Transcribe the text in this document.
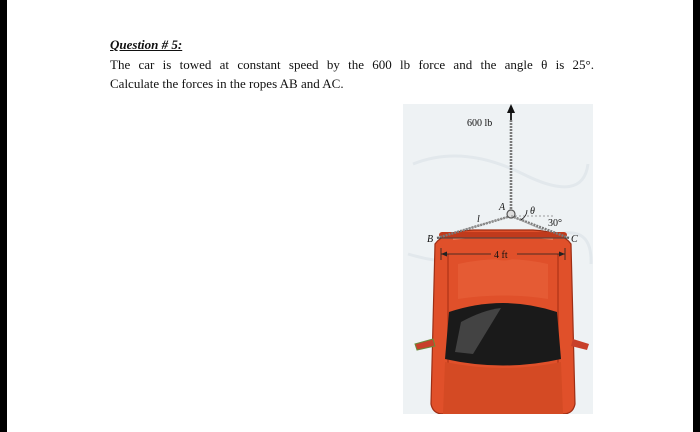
Question # 5:
The car is towed at constant speed by the 600 lb force and the angle θ is 25°.
Calculate the forces in the ropes AB and AC.
600 lb
A
B	C
θ
30°
4 ft
l
